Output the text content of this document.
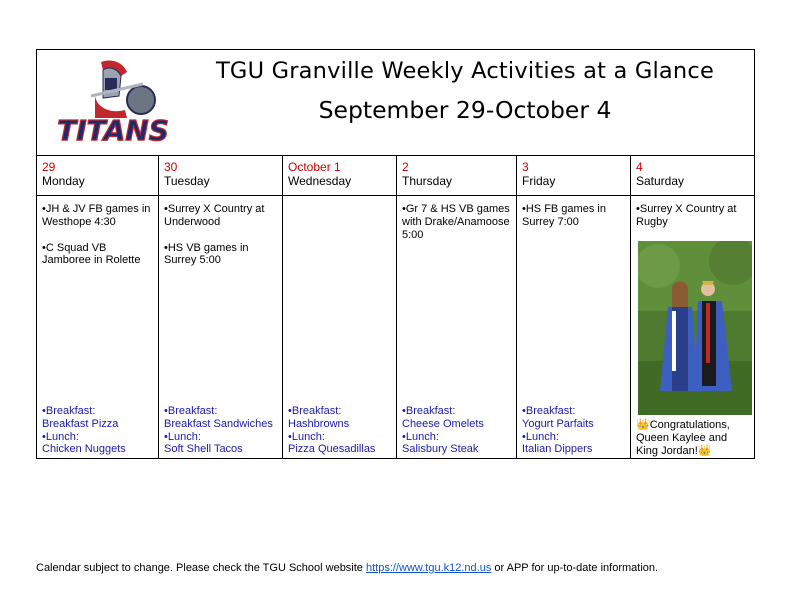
TITANS
TGU Granville Weekly Activities at a Glance
September 29-October 4
29
Monday

•JH & JV FB games in Westhope 4:30

•C Squad VB Jamboree in Rolette

•Breakfast:
Breakfast Pizza
•Lunch:
Chicken Nuggets
30
Tuesday

•Surrey X Country at Underwood

•HS VB games in Surrey 5:00

•Breakfast:
Breakfast Sandwiches
•Lunch:
Soft Shell Tacos
October 1
Wednesday
•Breakfast:
Hashbrowns
•Lunch:
Pizza Quesadillas
2
Thursday

•Gr 7 & HS VB games with Drake/Anamoose 5:00

•Breakfast:
Cheese Omelets
•Lunch:
Salisbury Steak
3
Friday

•HS FB games in Surrey 7:00

•Breakfast:
Yogurt Parfaits
•Lunch:
Italian Dippers
4
Saturday

•Surrey X Country at Rugby

👑Congratulations, Queen Kaylee and King Jordan!👑
Calendar subject to change. Please check the TGU School website https://www.tgu.k12.nd.us or APP for up-to-date information.
